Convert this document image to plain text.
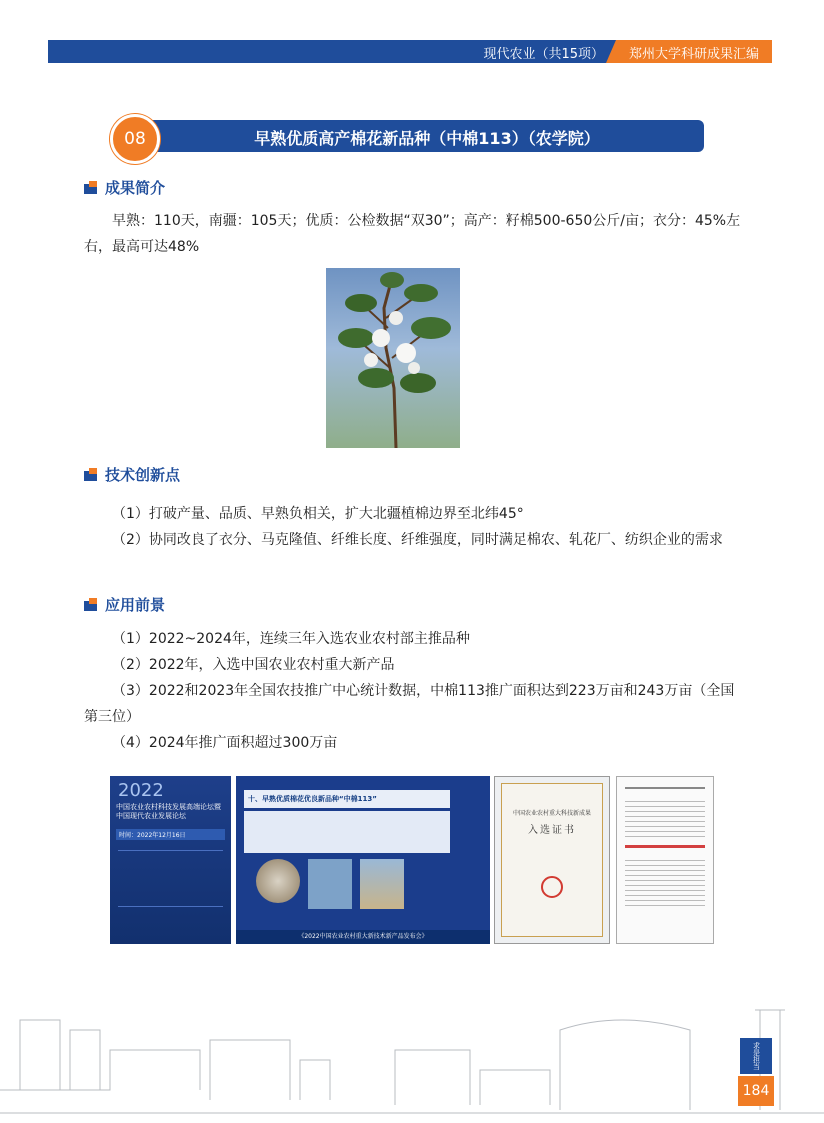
现代农业（共15项）	郑州大学科研成果汇编
早熟优质高产棉花新品种（中棉113）（农学院）
08
成果简介

早熟：110天，南疆：105天；优质：公检数据“双30”；高产：籽棉500-650公斤/亩；衣分：45%左右，最高可达48%

技术创新点

（1）打破产量、品质、早熟负相关，扩大北疆植棉边界至北纬45°

（2）协同改良了衣分、马克隆值、纤维长度、纤维强度，同时满足棉农、轧花厂、纺织企业的需求

应用前景

（1）2022~2024年，连续三年入选农业农村部主推品种

（2）2022年，入选中国农业农村重大新产品

（3）2022和2023年全国农技推广中心统计数据，中棉113推广面积达到223万亩和243万亩（全国第三位）

（4）2024年推广面积超过300万亩

2022
中国农业农村科技发展高端论坛暨中国现代农业发展论坛
时间：2022年12月16日
十、早熟优质棉花优良新品种“中棉113”
《2022中国农业农村重大新技术新产品发布会》
中国农业农村重大科技新成果
入选证书
求是担当
184
